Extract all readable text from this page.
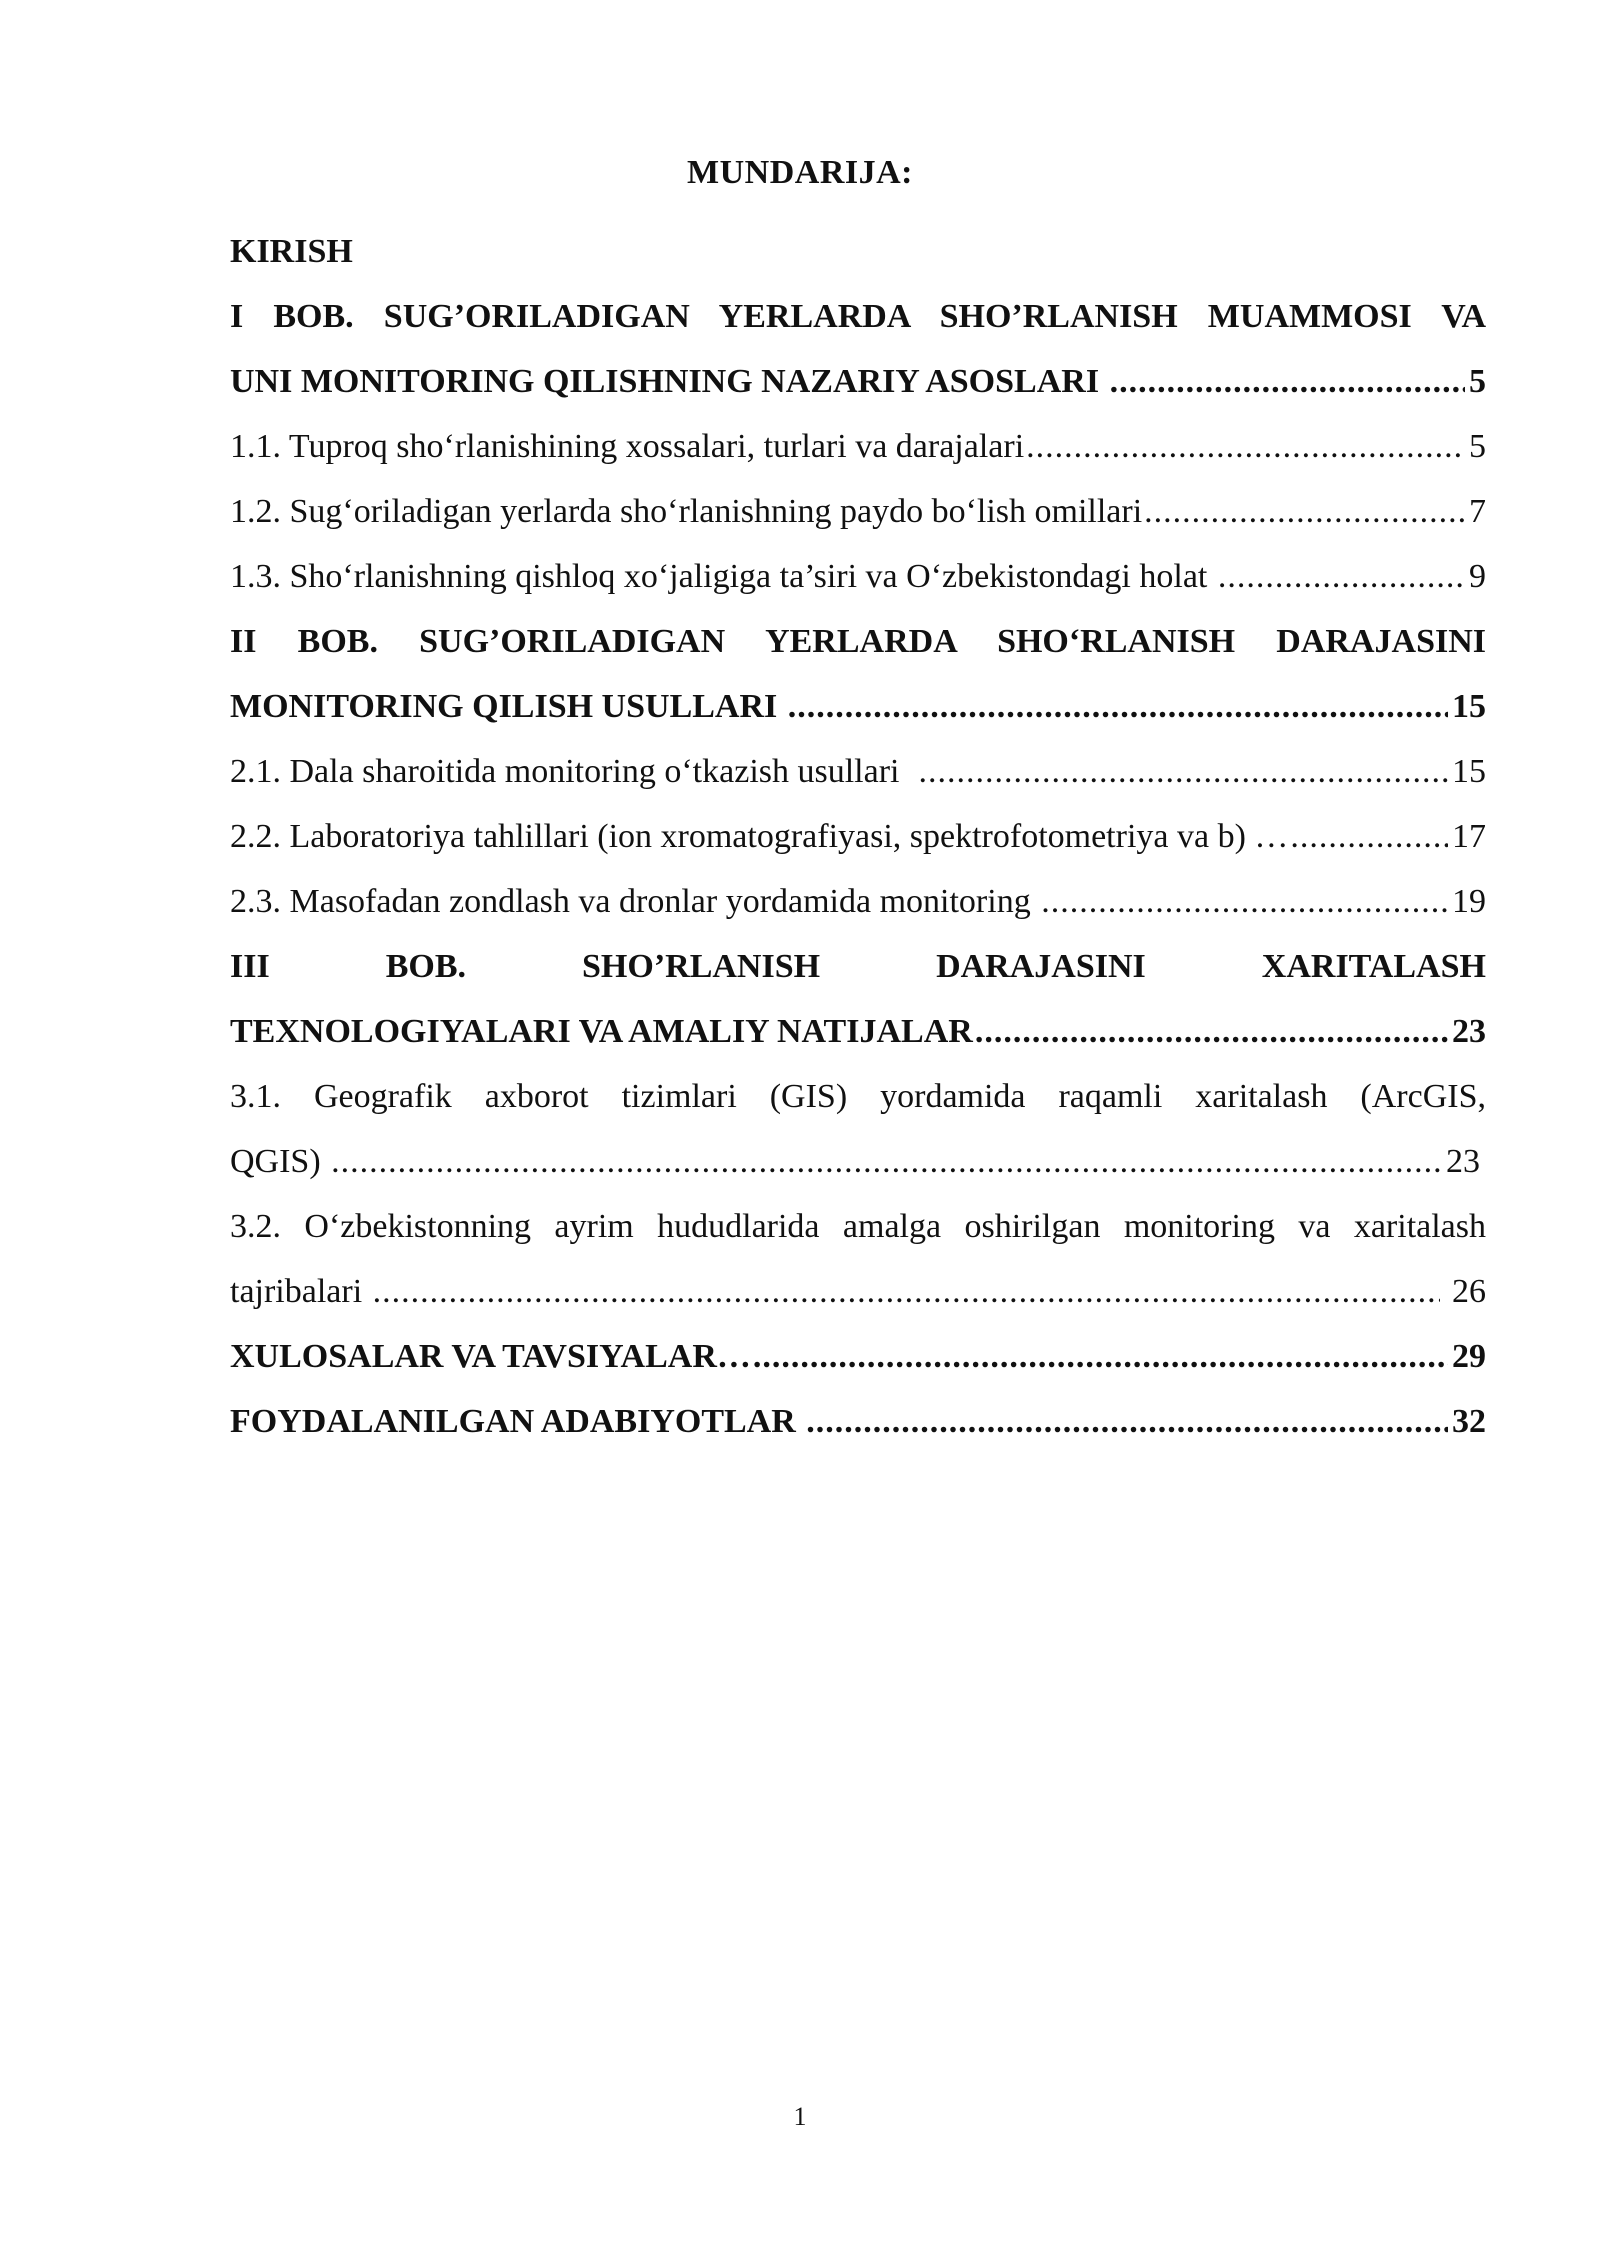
MUNDARIJA:
KIRISH
I BOB. SUG’ORILADIGAN YERLARDA SHO’RLANISH MUAMMOSI VA
UNI MONITORING QILISHNING NAZARIY ASOSLARI .....	5
1.1. Tuproq sho‘rlanishining xossalari, turlari va darajalari .....	5
1.2. Sug‘oriladigan yerlarda sho‘rlanishning paydo bo‘lish omillari .....	7
1.3. Sho‘rlanishning qishloq xo‘jaligiga ta’siri va O‘zbekistondagi holat .....	9
II BOB. SUG’ORILADIGAN YERLARDA SHO‘RLANISH DARAJASINI
MONITORING QILISH USULLARI .....	15
2.1. Dala sharoitida monitoring o‘tkazish usullari .....	15
2.2. Laboratoriya tahlillari (ion xromatografiyasi, spektrofotometriya va b) … .....	17
2.3. Masofadan zondlash va dronlar yordamida monitoring .....	19
III	BOB.	SHO’RLANISH	DARAJASINI	XARITALASH
TEXNOLOGIYALARI VA AMALIY NATIJALAR .....	23
3.1. Geografik axborot tizimlari (GIS) yordamida raqamli xaritalash (ArcGIS,
QGIS) .....	23
3.2. O‘zbekistonning ayrim hududlarida amalga oshirilgan monitoring va xaritalash
tajribalari .....	26
XULOSALAR VA TAVSIYALAR… .....	29
FOYDALANILGAN ADABIYOTLAR .....	32
1
